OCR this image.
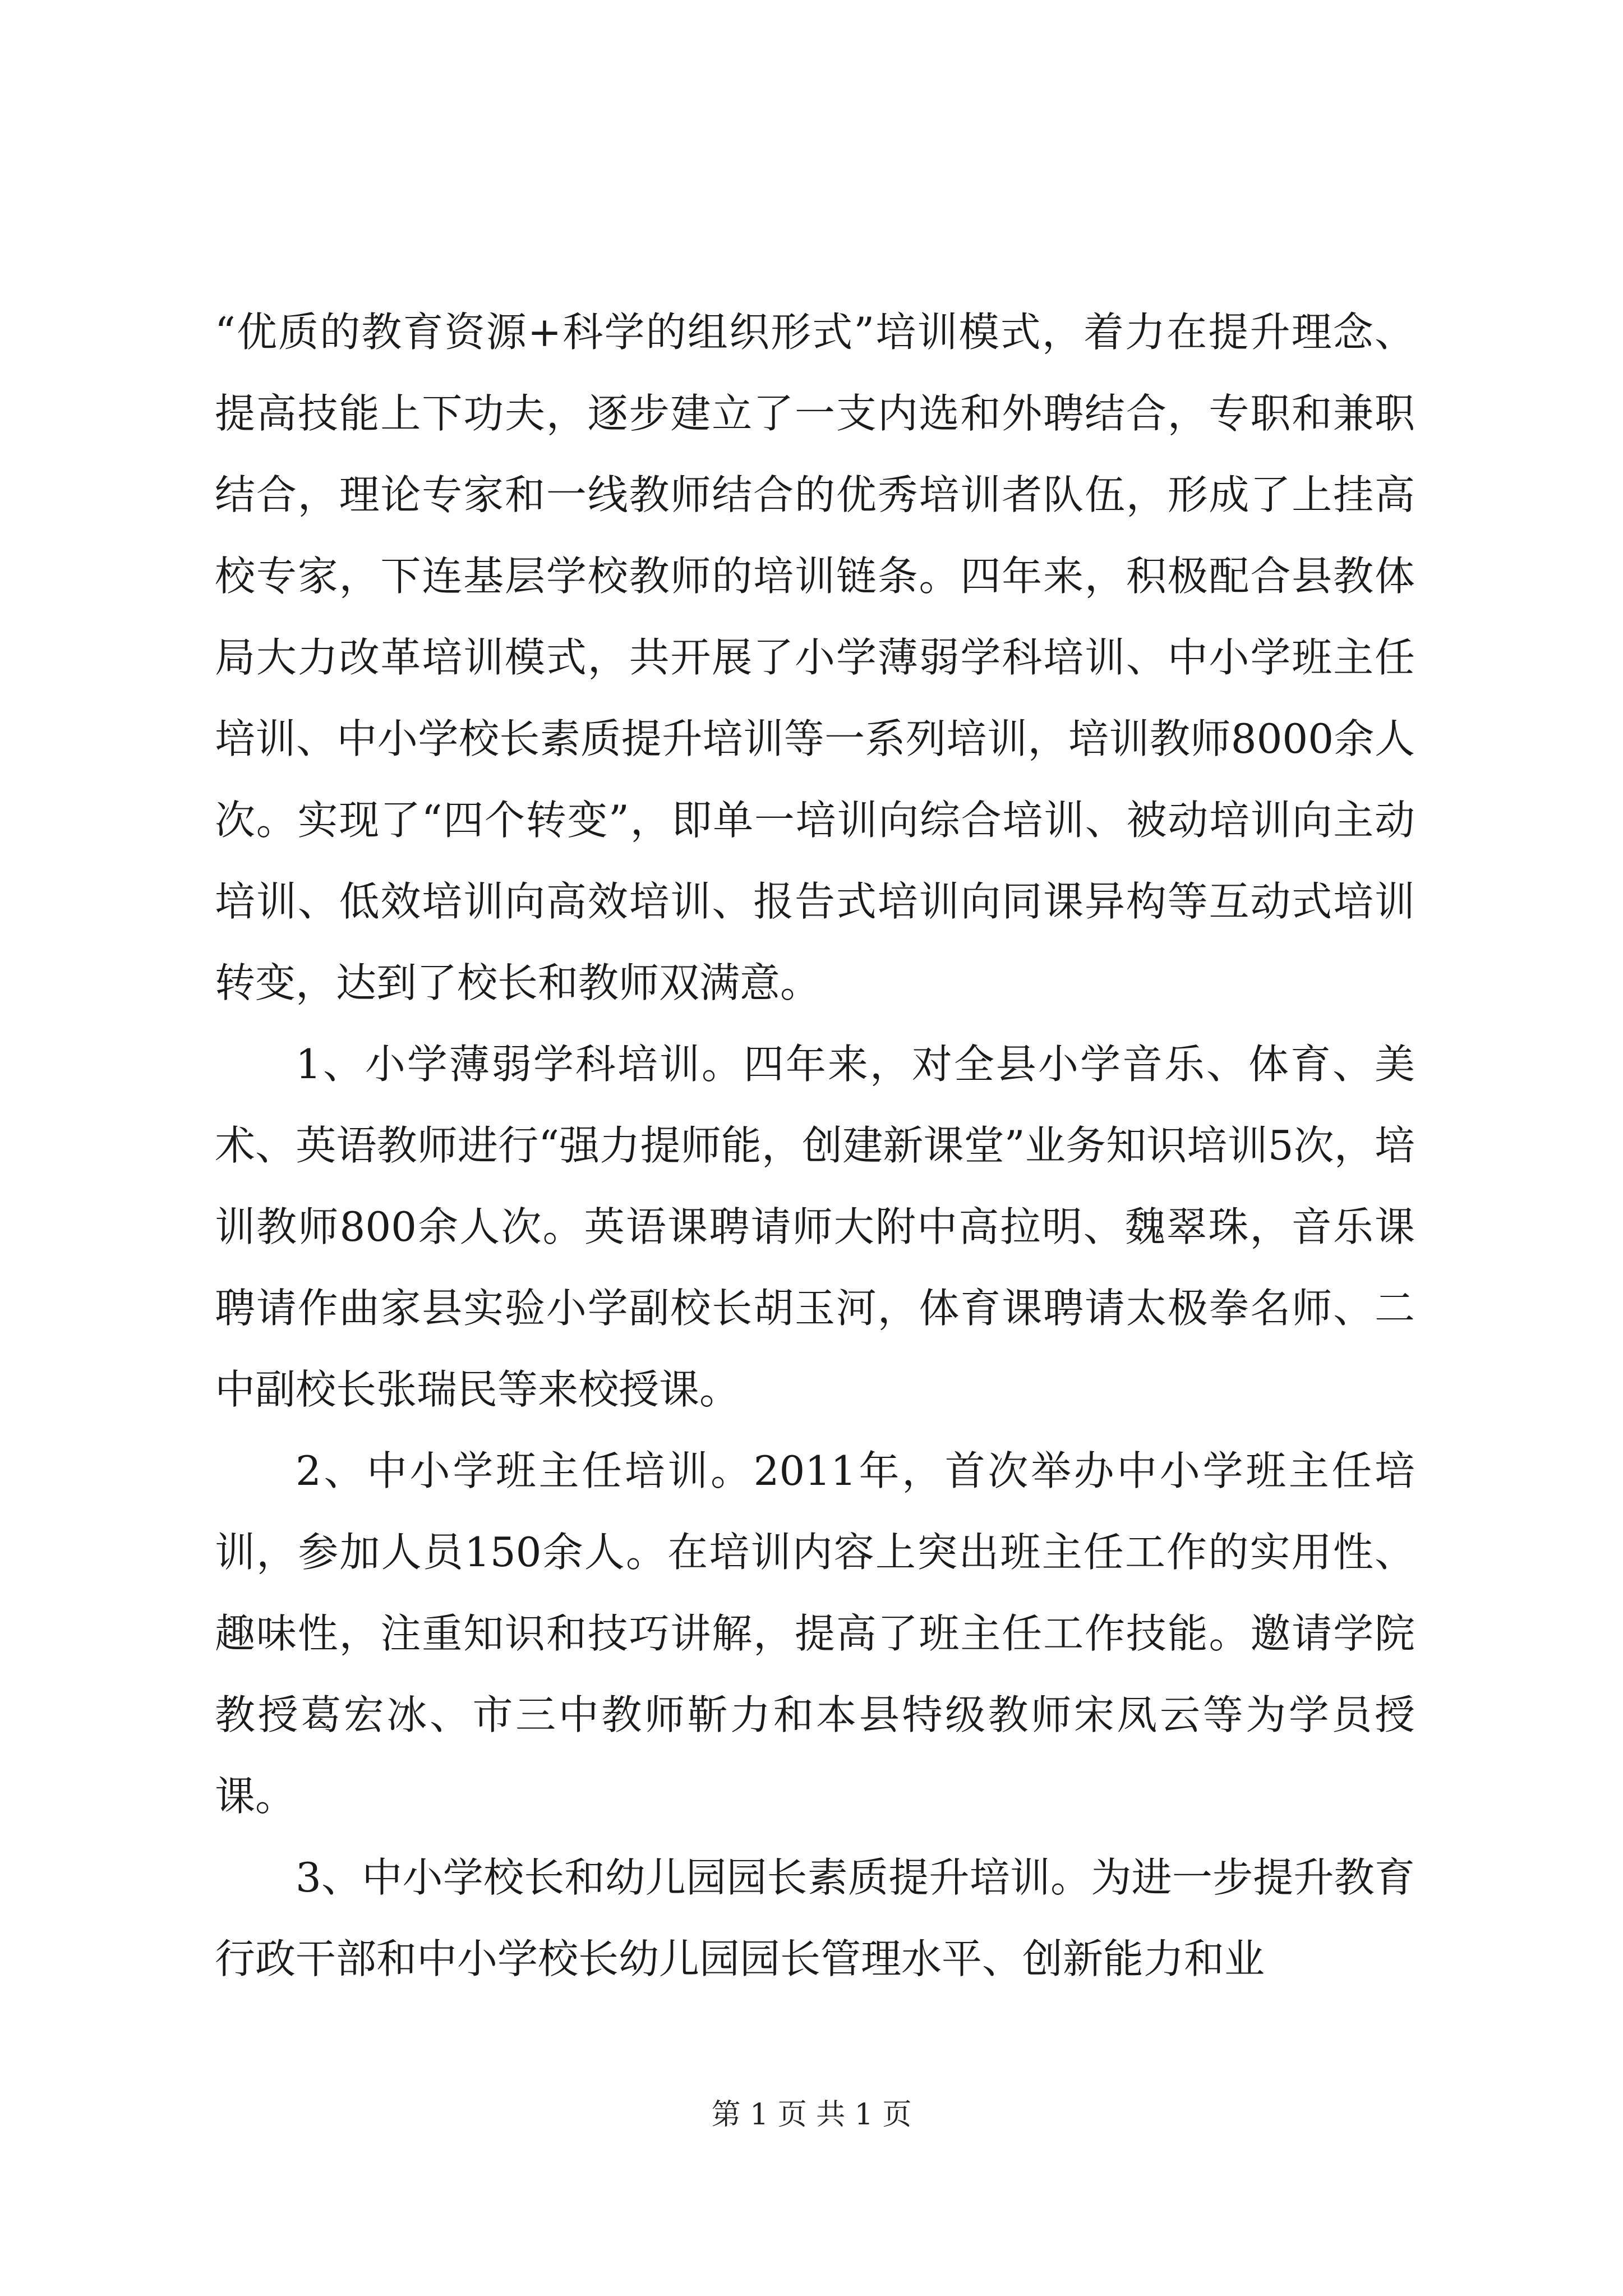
“优质的教育资源+科学的组织形式”培训模式，着力在提升理念、提高技能上下功夫，逐步建立了一支内选和外聘结合，专职和兼职结合，理论专家和一线教师结合的优秀培训者队伍，形成了上挂高校专家，下连基层学校教师的培训链条。四年来，积极配合县教体局大力改革培训模式，共开展了小学薄弱学科培训、中小学班主任培训、中小学校长素质提升培训等一系列培训，培训教师8000余人次。实现了“四个转变”，即单一培训向综合培训、被动培训向主动培训、低效培训向高效培训、报告式培训向同课异构等互动式培训转变，达到了校长和教师双满意。

1、小学薄弱学科培训。四年来，对全县小学音乐、体育、美术、英语教师进行“强力提师能，创建新课堂”业务知识培训5次，培训教师800余人次。英语课聘请师大附中高拉明、魏翠珠，音乐课聘请作曲家县实验小学副校长胡玉河，体育课聘请太极拳名师、二中副校长张瑞民等来校授课。

2、中小学班主任培训。2011年，首次举办中小学班主任培训，参加人员150余人。在培训内容上突出班主任工作的实用性、趣味性，注重知识和技巧讲解，提高了班主任工作技能。邀请学院教授葛宏冰、市三中教师靳力和本县特级教师宋凤云等为学员授课。

3、中小学校长和幼儿园园长素质提升培训。为进一步提升教育行政干部和中小学校长幼儿园园长管理水平、创新能力和业

第 1 页 共 1 页
